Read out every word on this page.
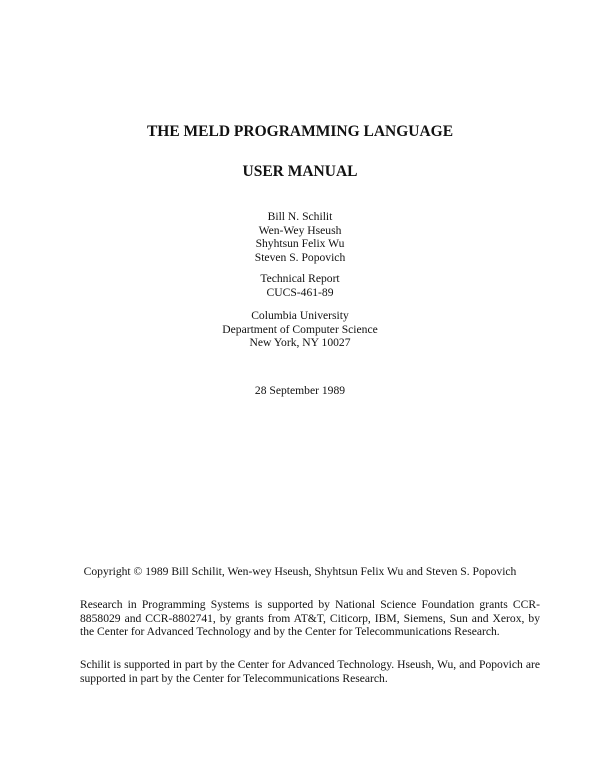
THE MELD PROGRAMMING LANGUAGE
USER MANUAL
Bill N. Schilit
Wen-Wey Hseush
Shyhtsun Felix Wu
Steven S. Popovich
Technical Report
CUCS-461-89
Columbia University
Department of Computer Science
New York, NY 10027
28 September 1989
Copyright © 1989 Bill Schilit, Wen-wey Hseush, Shyhtsun Felix Wu and Steven S. Popovich
Research in Programming Systems is supported by National Science Foundation grants CCR-8858029 and CCR-8802741, by grants from AT&T, Citicorp, IBM, Siemens, Sun and Xerox, by the Center for Advanced Technology and by the Center for Telecommunications Research.
Schilit is supported in part by the Center for Advanced Technology. Hseush, Wu, and Popovich are supported in part by the Center for Telecommunications Research.
